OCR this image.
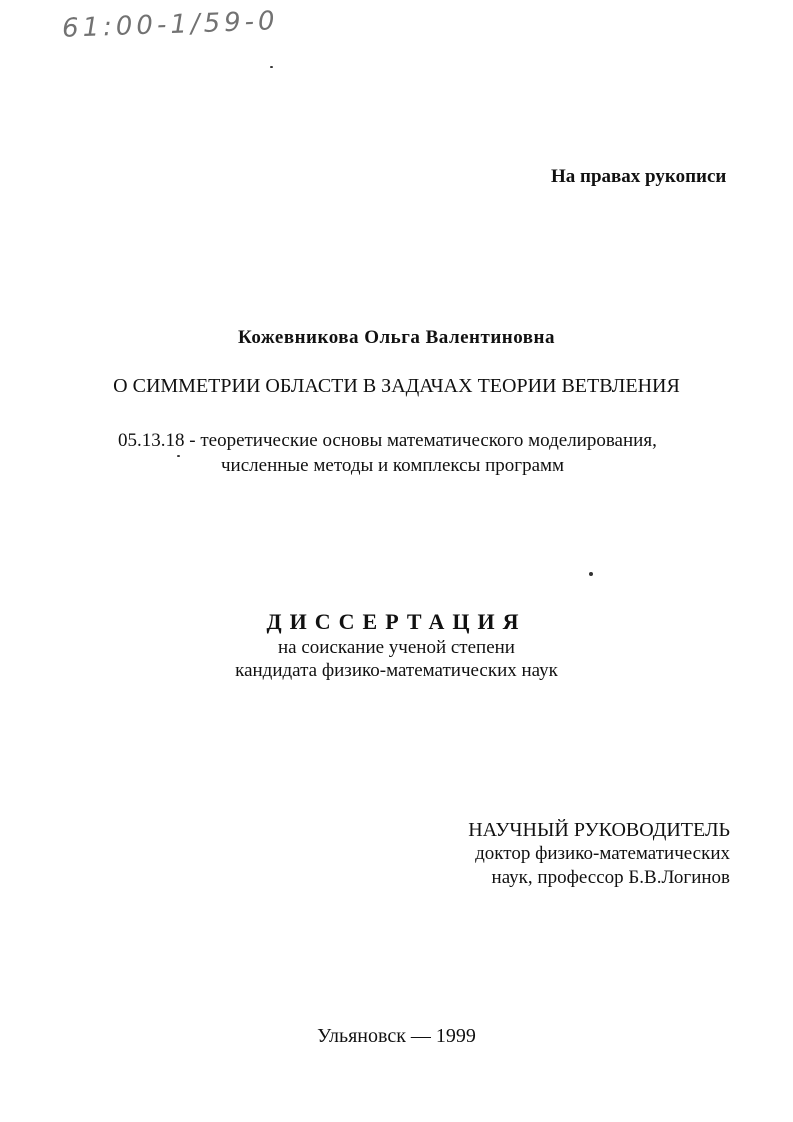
61:00-1/59-0
На правах рукописи
Кожевникова Ольга Валентиновна
О СИММЕТРИИ ОБЛАСТИ В ЗАДАЧАХ ТЕОРИИ ВЕТВЛЕНИЯ
05.13.18 - теоретические основы математического моделирования,
численные методы и комплексы программ
ДИССЕРТАЦИЯ
на соискание ученой степени
кандидата физико-математических наук
НАУЧНЫЙ РУКОВОДИТЕЛЬ
доктор физико-математических
наук, профессор Б.В.Логинов
Ульяновск — 1999
